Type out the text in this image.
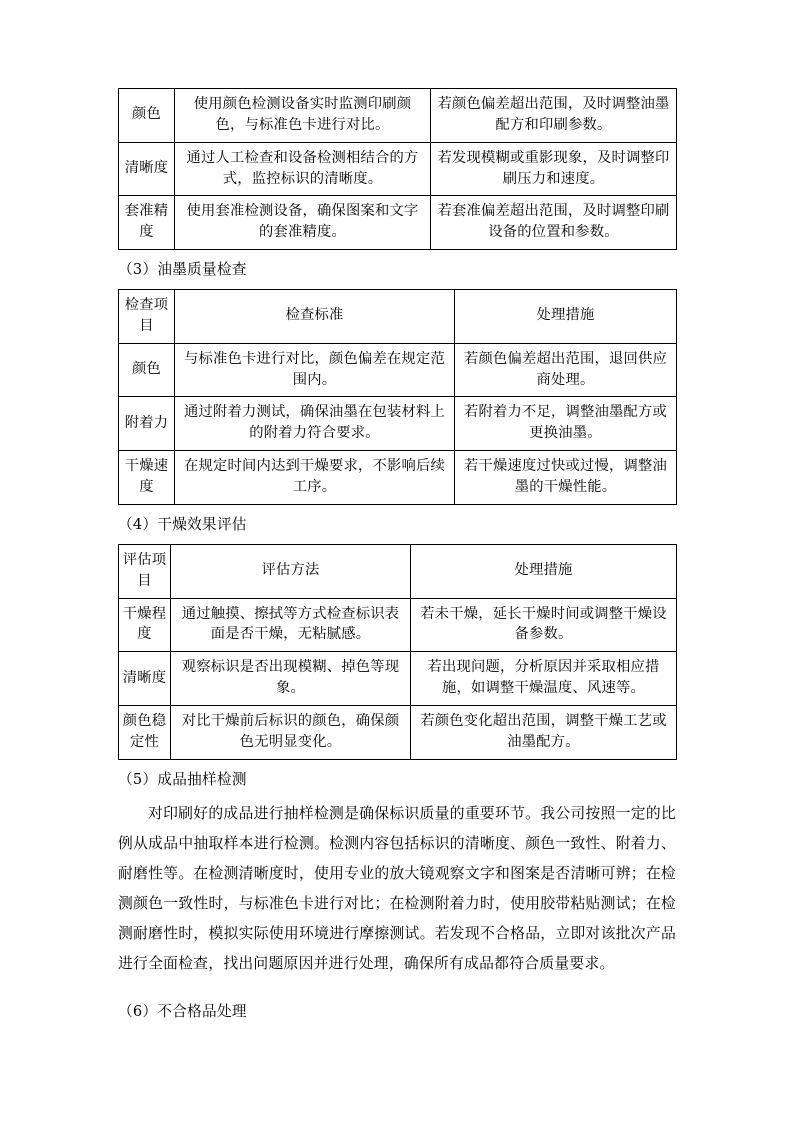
颜色	使用颜色检测设备实时监测印刷颜色，与标准色卡进行对比。	若颜色偏差超出范围，及时调整油墨配方和印刷参数。
清晰度	通过人工检查和设备检测相结合的方式，监控标识的清晰度。	若发现模糊或重影现象，及时调整印刷压力和速度。
套准精度	使用套准检测设备，确保图案和文字的套准精度。	若套准偏差超出范围，及时调整印刷设备的位置和参数。
（3）油墨质量检查
检查项目	检查标准	处理措施
颜色	与标准色卡进行对比，颜色偏差在规定范围内。	若颜色偏差超出范围，退回供应商处理。
附着力	通过附着力测试，确保油墨在包装材料上的附着力符合要求。	若附着力不足，调整油墨配方或更换油墨。
干燥速度	在规定时间内达到干燥要求，不影响后续工序。	若干燥速度过快或过慢，调整油墨的干燥性能。
（4）干燥效果评估
评估项目	评估方法	处理措施
干燥程度	通过触摸、擦拭等方式检查标识表面是否干燥，无粘腻感。	若未干燥，延长干燥时间或调整干燥设备参数。
清晰度	观察标识是否出现模糊、掉色等现象。	若出现问题，分析原因并采取相应措施，如调整干燥温度、风速等。
颜色稳定性	对比干燥前后标识的颜色，确保颜色无明显变化。	若颜色变化超出范围，调整干燥工艺或油墨配方。
（5）成品抽样检测

对印刷好的成品进行抽样检测是确保标识质量的重要环节。我公司按照一定的比例从成品中抽取样本进行检测。检测内容包括标识的清晰度、颜色一致性、附着力、耐磨性等。在检测清晰度时，使用专业的放大镜观察文字和图案是否清晰可辨；在检测颜色一致性时，与标准色卡进行对比；在检测附着力时，使用胶带粘贴测试；在检测耐磨性时，模拟实际使用环境进行摩擦测试。若发现不合格品，立即对该批次产品进行全面检查，找出问题原因并进行处理，确保所有成品都符合质量要求。

（6）不合格品处理
